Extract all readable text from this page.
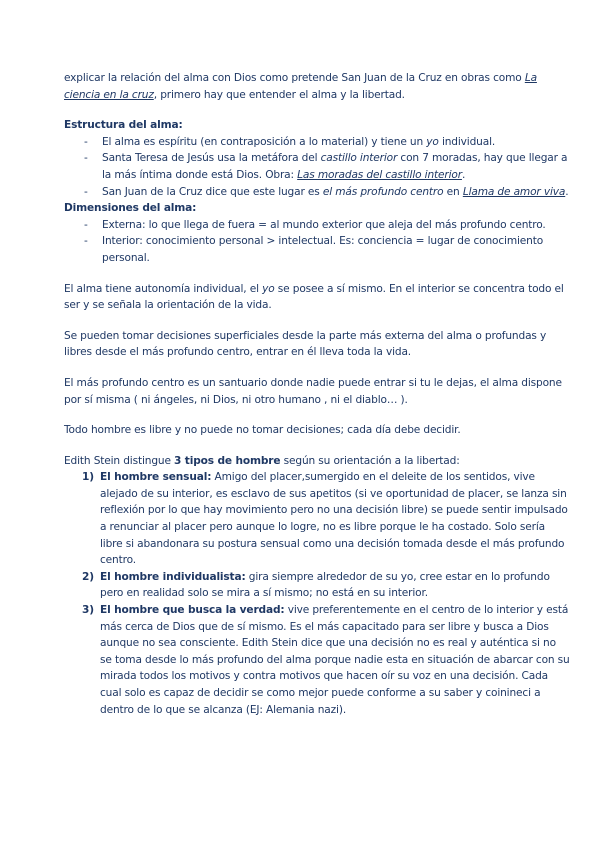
explicar la relación del alma con Dios como pretende San Juan de la Cruz en obras como La ciencia en la cruz, primero hay que entender el alma y la libertad.

Estructura del alma:
- El alma es espíritu (en contraposición a lo material) y tiene un yo individual.
- Santa Teresa de Jesús usa la metáfora del castillo interior con 7 moradas, hay que llegar a la más íntima donde está Dios. Obra: Las moradas del castillo interior.
- San Juan de la Cruz dice que este lugar es el más profundo centro en Llama de amor viva.
Dimensiones del alma:
- Externa: lo que llega de fuera = al mundo exterior que aleja del más profundo centro.
- Interior: conocimiento personal > intelectual. Es: conciencia = lugar de conocimiento personal.

El alma tiene autonomía individual, el yo se posee a sí mismo. En el interior se concentra todo el ser y se señala la orientación de la vida.

Se pueden tomar decisiones superficiales desde la parte más externa del alma o profundas y libres desde el más profundo centro, entrar en él lleva toda la vida.

El más profundo centro es un santuario donde nadie puede entrar si tu le dejas, el alma dispone por sí misma ( ni ángeles, ni Dios, ni otro humano , ni el diablo… ).

Todo hombre es libre y no puede no tomar decisiones; cada día debe decidir.

Edith Stein distingue 3 tipos de hombre según su orientación a la libertad:
1) El hombre sensual: Amigo del placer,sumergido en el deleite de los sentidos, vive alejado de su interior, es esclavo de sus apetitos (si ve oportunidad de placer, se lanza sin reflexión por lo que hay movimiento pero no una decisión libre) se puede sentir impulsado a renunciar al placer pero aunque lo logre, no es libre porque le ha costado. Solo sería libre si abandonara su postura sensual como una decisión tomada desde el más profundo centro.
2) El hombre individualista: gira siempre alrededor de su yo, cree estar en lo profundo pero en realidad solo se mira a sí mismo; no está en su interior.
3) El hombre que busca la verdad: vive preferentemente en el centro de lo interior y está más cerca de Dios que de sí mismo. Es el más capacitado para ser libre y busca a Dios aunque no sea consciente. Edith Stein dice que una decisión no es real y auténtica si no se toma desde lo más profundo del alma porque nadie esta en situación de abarcar con su mirada todos los motivos y contra motivos que hacen oír su voz en una decisión. Cada cual solo es capaz de decidir se como mejor puede conforme a su saber y coinineci a dentro de lo que se alcanza (EJ: Alemania nazi).
